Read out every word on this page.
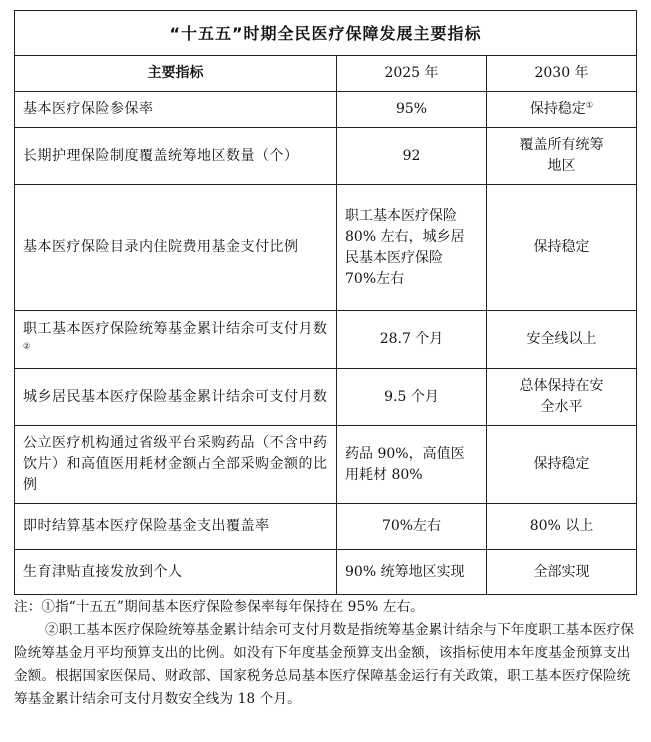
“十五五”时期全民医疗保障发展主要指标		
主要指标	2025 年	2030 年
基本医疗保险参保率	95%	保持稳定①
长期护理保险制度覆盖统筹地区数量（个）	92	覆盖所有统筹地区
基本医疗保险目录内住院费用基金支付比例	职工基本医疗保险 80% 左右，城乡居民基本医疗保险 70%左右	保持稳定
职工基本医疗保险统筹基金累计结余可支付月数②	28.7 个月	安全线以上
城乡居民基本医疗保险基金累计结余可支付月数	9.5 个月	总体保持在安全水平
公立医疗机构通过省级平台采购药品（不含中药饮片）和高值医用耗材金额占全部采购金额的比例	药品 90%，高值医用耗材 80%	保持稳定
即时结算基本医疗保险基金支出覆盖率	70%左右	80% 以上
生育津贴直接发放到个人	90% 统筹地区实现	全部实现

注：①指“十五五”期间基本医疗保险参保率每年保持在 95% 左右。

②职工基本医疗保险统筹基金累计结余可支付月数是指统筹基金累计结余与下年度职工基本医疗保险统筹基金月平均预算支出的比例。如没有下年度基金预算支出金额，该指标使用本年度基金预算支出金额。根据国家医保局、财政部、国家税务总局基本医疗保障基金运行有关政策，职工基本医疗保险统筹基金累计结余可支付月数安全线为 18 个月。
